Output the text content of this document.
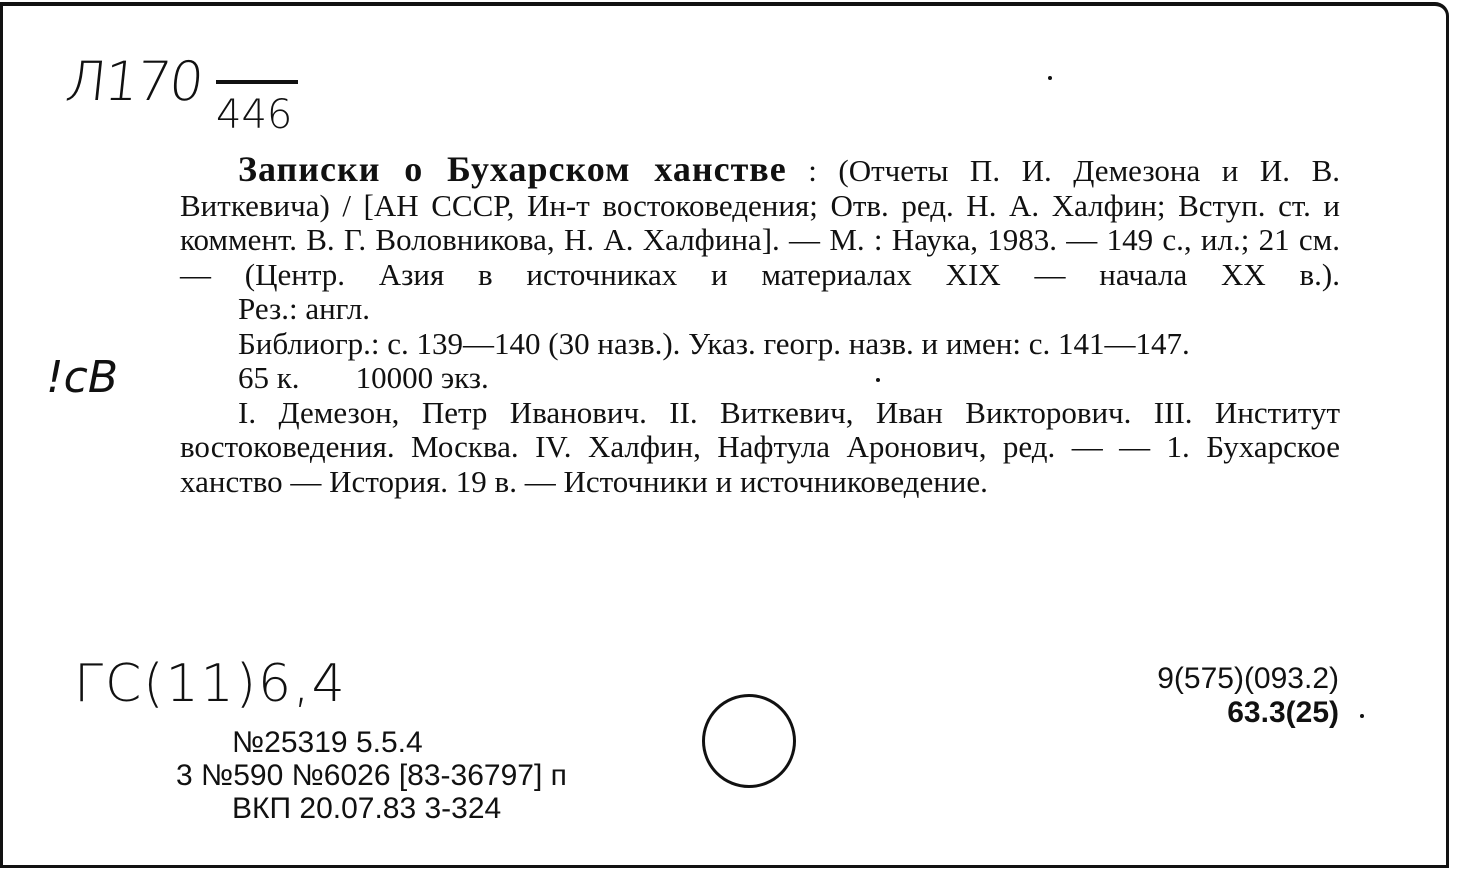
Л170
446
!cВ
ГС(11)6,4
Записки о Бухарском ханстве : (Отчеты П. И. Демезона и И. В. Виткевича) / [АН СССР, Ин-т востоковедения; Отв. ред. Н. А. Халфин; Вступ. ст. и коммент. В. Г. Воловникова, Н. А. Халфина]. — М. : Наука, 1983. — 149 с., ил.; 21 см. — (Центр. Азия в источниках и материалах XIX — начала XX в.).
Рез.: англ.
Библиогр.: с. 139—140 (30 назв.). Указ. геогр. назв. и имен: с. 141—147.
65 к. 10000 экз.
I. Демезон, Петр Иванович. II. Виткевич, Иван Викторович. III. Институт востоковедения. Москва. IV. Халфин, Нафтула Аронович, ред. — — 1. Бухарское ханство — История. 19 в. — Источники и источниковедение.
9(575)(093.2)
63.3(25)
№25319 5.5.4
3 №590 №6026 [83-36797] п
ВКП 20.07.83 3-324
